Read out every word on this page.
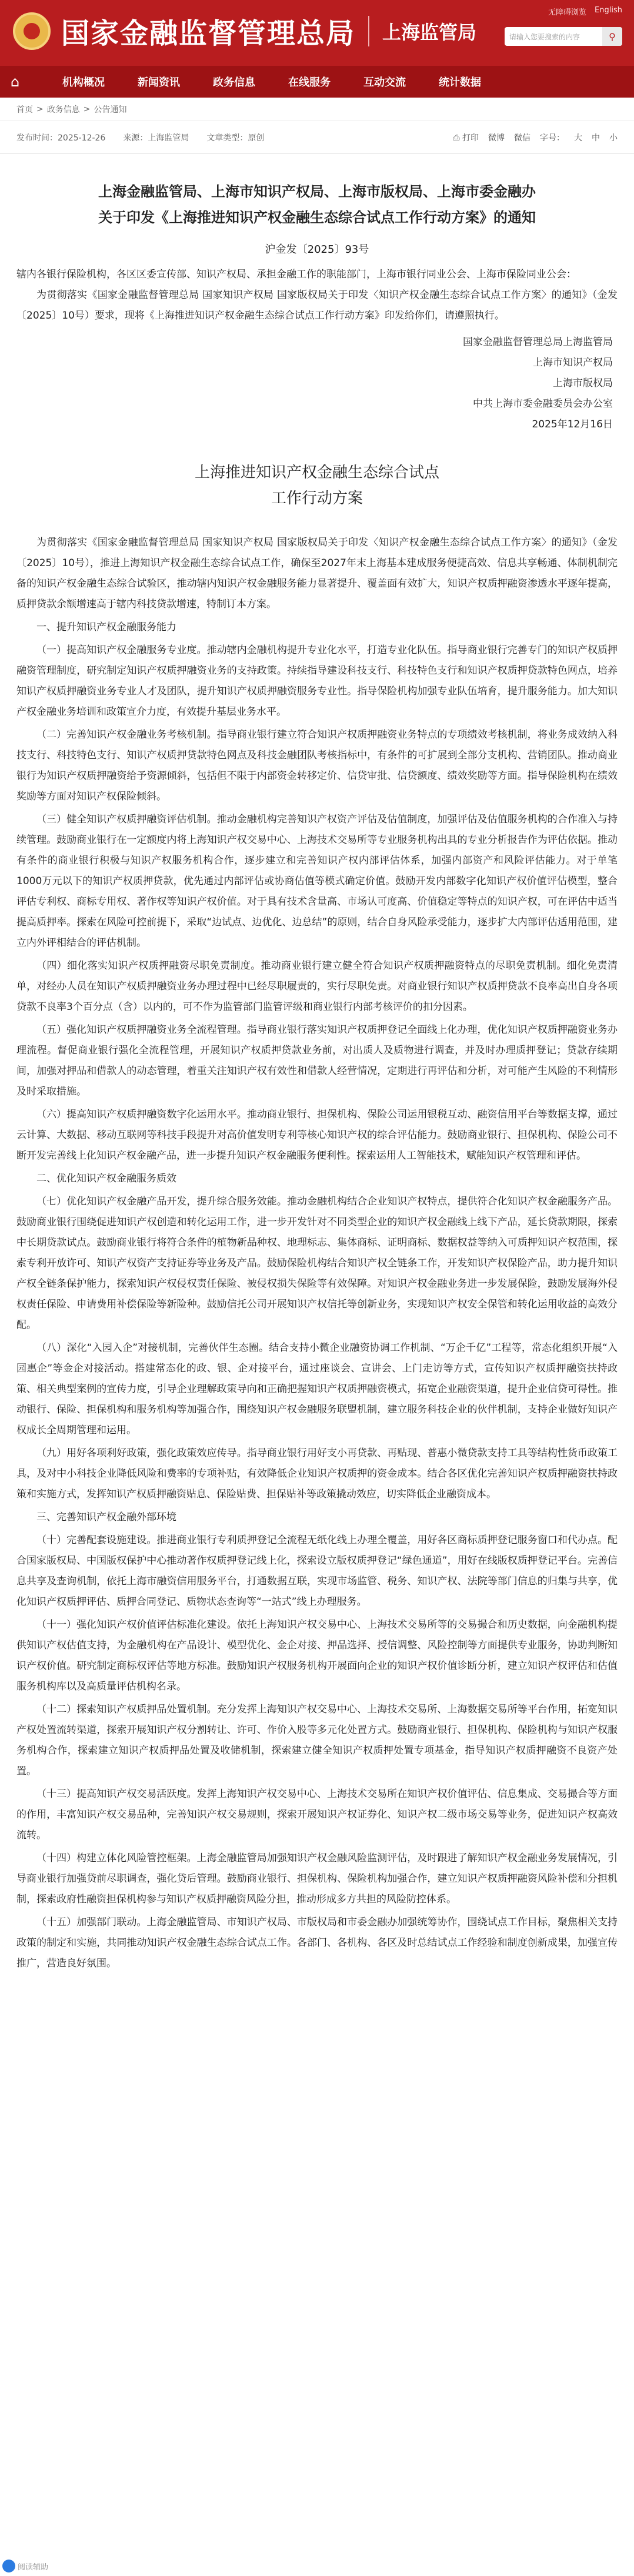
国家金融监督管理总局 上海监管局
无障碍浏览 English
请输入您要搜索的内容	⚲
⌂	机构概况	新闻资讯	政务信息	在线服务	互动交流	统计数据
首页 > 政务信息 > 公告通知
发布时间：2025-12-26 来源：上海监管局 文章类型：原创	⎙ 打印 微博 微信 字号： 大 中 小
上海金融监管局、上海市知识产权局、上海市版权局、上海市委金融办
关于印发《上海推进知识产权金融生态综合试点工作行动方案》的通知
沪金发〔2025〕93号

辖内各银行保险机构，各区区委宣传部、知识产权局、承担金融工作的职能部门，上海市银行同业公会、上海市保险同业公会：

为贯彻落实《国家金融监督管理总局 国家知识产权局 国家版权局关于印发〈知识产权金融生态综合试点工作方案〉的通知》（金发〔2025〕10号）要求，现将《上海推进知识产权金融生态综合试点工作行动方案》印发给你们，请遵照执行。

国家金融监督管理总局上海监管局
上海市知识产权局
上海市版权局
中共上海市委金融委员会办公室
2025年12月16日
上海推进知识产权金融生态综合试点
工作行动方案

为贯彻落实《国家金融监督管理总局 国家知识产权局 国家版权局关于印发〈知识产权金融生态综合试点工作方案〉的通知》（金发〔2025〕10号），推进上海知识产权金融生态综合试点工作，确保至2027年末上海基本建成服务便捷高效、信息共享畅通、体制机制完备的知识产权金融生态综合试验区，推动辖内知识产权金融服务能力显著提升、覆盖面有效扩大，知识产权质押融资渗透水平逐年提高，质押贷款余额增速高于辖内科技贷款增速，特制订本方案。

一、提升知识产权金融服务能力

（一）提高知识产权金融服务专业度。推动辖内金融机构提升专业化水平，打造专业化队伍。指导商业银行完善专门的知识产权质押融资管理制度，研究制定知识产权质押融资业务的支持政策。持续指导建设科技支行、科技特色支行和知识产权质押贷款特色网点，培养知识产权质押融资业务专业人才及团队，提升知识产权质押融资服务专业性。指导保险机构加强专业队伍培育，提升服务能力。加大知识产权金融业务培训和政策宣介力度，有效提升基层业务水平。

（二）完善知识产权金融业务考核机制。指导商业银行建立符合知识产权质押融资业务特点的专项绩效考核机制，将业务成效纳入科技支行、科技特色支行、知识产权质押贷款特色网点及科技金融团队考核指标中，有条件的可扩展到全部分支机构、营销团队。推动商业银行为知识产权质押融资给予资源倾斜，包括但不限于内部资金转移定价、信贷审批、信贷额度、绩效奖励等方面。指导保险机构在绩效奖励等方面对知识产权保险倾斜。

（三）健全知识产权质押融资评估机制。推动金融机构完善知识产权资产评估及估值制度，加强评估及估值服务机构的合作准入与持续管理。鼓励商业银行在一定额度内将上海知识产权交易中心、上海技术交易所等专业服务机构出具的专业分析报告作为评估依据。推动有条件的商业银行积极与知识产权服务机构合作，逐步建立和完善知识产权内部评估体系，加强内部资产和风险评估能力。对于单笔1000万元以下的知识产权质押贷款，优先通过内部评估或协商估值等模式确定价值。鼓励开发内部数字化知识产权价值评估模型，整合评估专利权、商标专用权、著作权等知识产权价值。对于具有技术含量高、市场认可度高、价值稳定等特点的知识产权，可在评估中适当提高质押率。探索在风险可控前提下，采取“边试点、边优化、边总结”的原则，结合自身风险承受能力，逐步扩大内部评估适用范围，建立内外评相结合的评估机制。

（四）细化落实知识产权质押融资尽职免责制度。推动商业银行建立健全符合知识产权质押融资特点的尽职免责机制。细化免责清单，对经办人员在知识产权质押融资业务办理过程中已经尽职履责的，实行尽职免责。对商业银行知识产权质押贷款不良率高出自身各项贷款不良率3个百分点（含）以内的，可不作为监管部门监管评级和商业银行内部考核评价的扣分因素。

（五）强化知识产权质押融资业务全流程管理。指导商业银行落实知识产权质押登记全面线上化办理，优化知识产权质押融资业务办理流程。督促商业银行强化全流程管理，开展知识产权质押贷款业务前，对出质人及质物进行调查，并及时办理质押登记；贷款存续期间，加强对押品和借款人的动态管理，着重关注知识产权有效性和借款人经营情况，定期进行再评估和分析，对可能产生风险的不利情形及时采取措施。

（六）提高知识产权质押融资数字化运用水平。推动商业银行、担保机构、保险公司运用银税互动、融资信用平台等数据支撑，通过云计算、大数据、移动互联网等科技手段提升对高价值发明专利等核心知识产权的综合评估能力。鼓励商业银行、担保机构、保险公司不断开发完善线上化知识产权金融产品，进一步提升知识产权金融服务便利性。探索运用人工智能技术，赋能知识产权管理和评估。

二、优化知识产权金融服务质效

（七）优化知识产权金融产品开发，提升综合服务效能。推动金融机构结合企业知识产权特点，提供符合化知识产权金融服务产品。鼓励商业银行围绕促进知识产权创造和转化运用工作，进一步开发针对不同类型企业的知识产权金融线上线下产品，延长贷款期限，探索中长期贷款试点。鼓励商业银行将符合条件的植物新品种权、地理标志、集体商标、证明商标、数据权益等纳入可质押知识产权范围，探索专利开放许可、知识产权资产支持证券等业务及产品。鼓励保险机构结合知识产权全链条工作，开发知识产权保险产品，助力提升知识产权全链条保护能力，探索知识产权侵权责任保险、被侵权损失保险等有效保障。对知识产权金融业务进一步发展保险，鼓励发展海外侵权责任保险、申请费用补偿保险等新险种。鼓励信托公司开展知识产权信托等创新业务，实现知识产权安全保管和转化运用收益的高效分配。

（八）深化“入园入企”对接机制，完善伙伴生态圈。结合支持小微企业融资协调工作机制、“万企千亿”工程等，常态化组织开展“入园惠企”等金企对接活动。搭建常态化的政、银、企对接平台，通过座谈会、宣讲会、上门走访等方式，宣传知识产权质押融资扶持政策、相关典型案例的宣传力度，引导企业理解政策导向和正确把握知识产权质押融资模式，拓宽企业融资渠道，提升企业信贷可得性。推动银行、保险、担保机构和服务机构等加强合作，围绕知识产权金融服务联盟机制，建立服务科技企业的伙伴机制，支持企业做好知识产权成长全周期管理和运用。

（九）用好各项利好政策，强化政策效应传导。指导商业银行用好支小再贷款、再贴现、普惠小微贷款支持工具等结构性货币政策工具，及对中小科技企业降低风险和费率的专项补贴，有效降低企业知识产权质押的资金成本。结合各区优化完善知识产权质押融资扶持政策和实施方式，发挥知识产权质押融资贴息、保险贴费、担保贴补等政策撬动效应，切实降低企业融资成本。

三、完善知识产权金融外部环境

（十）完善配套设施建设。推进商业银行专利质押登记全流程无纸化线上办理全覆盖，用好各区商标质押登记服务窗口和代办点。配合国家版权局、中国版权保护中心推动著作权质押登记线上化，探索设立版权质押登记“绿色通道”，用好在线版权质押登记平台。完善信息共享及查询机制，依托上海市融资信用服务平台，打通数据互联，实现市场监管、税务、知识产权、法院等部门信息的归集与共享，优化知识产权质押评估、质押合同登记、质物状态查询等“一站式”线上办理服务。

（十一）强化知识产权价值评估标准化建设。依托上海知识产权交易中心、上海技术交易所等的交易撮合和历史数据，向金融机构提供知识产权估值支持，为金融机构在产品设计、模型优化、金企对接、押品选择、授信调整、风险控制等方面提供专业服务，协助判断知识产权价值。研究制定商标权评估等地方标准。鼓励知识产权服务机构开展面向企业的知识产权价值诊断分析，建立知识产权评估和估值服务机构库以及高质量评估机构名录。

（十二）探索知识产权质押品处置机制。充分发挥上海知识产权交易中心、上海技术交易所、上海数据交易所等平台作用，拓宽知识产权处置流转渠道，探索开展知识产权分割转让、许可、作价入股等多元化处置方式。鼓励商业银行、担保机构、保险机构与知识产权服务机构合作，探索建立知识产权质押品处置及收储机制，探索建立健全知识产权质押处置专项基金，指导知识产权质押融资不良资产处置。

（十三）提高知识产权交易活跃度。发挥上海知识产权交易中心、上海技术交易所在知识产权价值评估、信息集成、交易撮合等方面的作用，丰富知识产权交易品种，完善知识产权交易规则，探索开展知识产权证券化、知识产权二级市场交易等业务，促进知识产权高效流转。

（十四）构建立体化风险管控框架。上海金融监管局加强知识产权金融风险监测评估，及时跟进了解知识产权金融业务发展情况，引导商业银行加强贷前尽职调查，强化贷后管理。鼓励商业银行、担保机构、保险机构加强合作，建立知识产权质押融资风险补偿和分担机制，探索政府性融资担保机构参与知识产权质押融资风险分担，推动形成多方共担的风险防控体系。

（十五）加强部门联动。上海金融监管局、市知识产权局、市版权局和市委金融办加强统筹协作，围绕试点工作目标，聚焦相关支持政策的制定和实施，共同推动知识产权金融生态综合试点工作。各部门、各机构、各区及时总结试点工作经验和制度创新成果，加强宣传推广，营造良好氛围。

阅读辅助
